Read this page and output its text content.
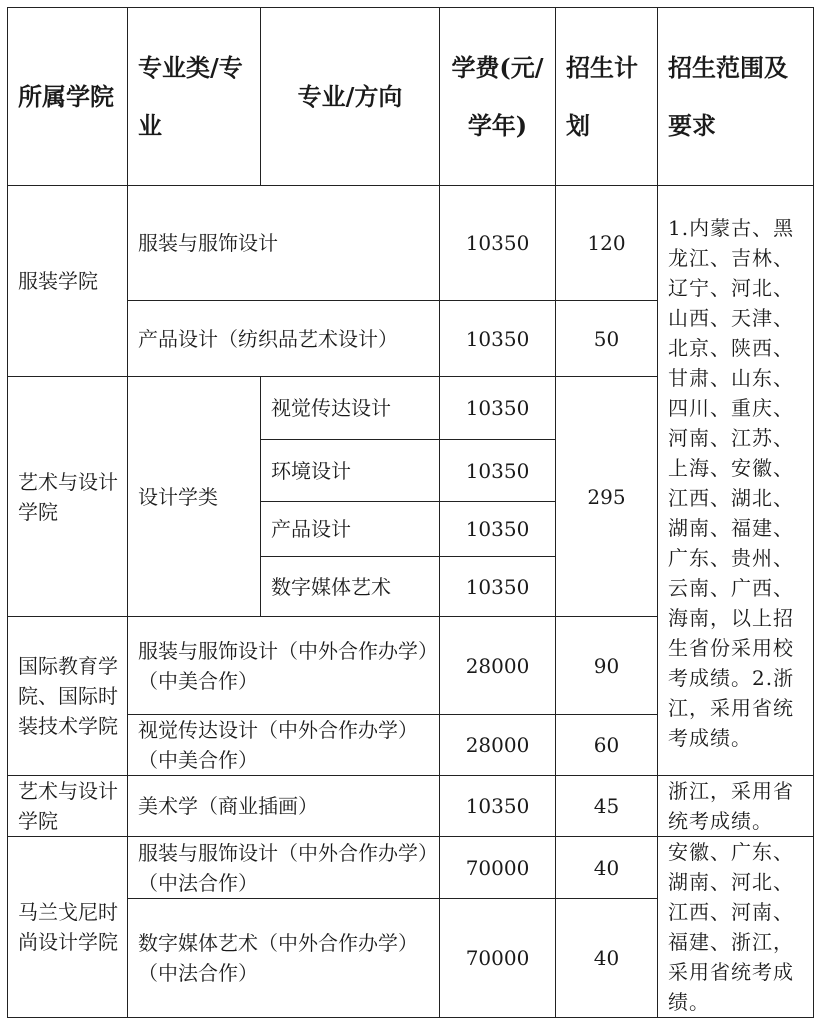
所属学院	专业类/专业	专业/方向	学费(元/学年)	招生计划	招生范围及要求
服装学院	服装与服饰设计		10350	120	1.内蒙古、黑龙江、吉林、辽宁、河北、山西、天津、北京、陕西、甘肃、山东、四川、重庆、河南、江苏、上海、安徽、江西、湖北、湖南、福建、广东、贵州、云南、广西、海南，以上招生省份采用校考成绩。2.浙江，采用省统考成绩。

	产品设计（纺织品艺术设计）		10350	50	
艺术与设计学院	设计学类	视觉传达设计	10350	295	
		环境设计	10350		
		产品设计	10350		
		数字媒体艺术	10350		
国际教育学院、国际时装技术学院	服装与服饰设计（中外合作办学）（中美合作）		28000	90	
	视觉传达设计（中外合作办学）（中美合作）		28000	60	
艺术与设计学院	美术学（商业插画）		10350	45	浙江，采用省统考成绩。

马兰戈尼时尚设计学院	服装与服饰设计（中外合作办学）（中法合作）		70000	40	安徽、广东、湖南、河北、江西、河南、福建、浙江，采用省统考成绩。

	数字媒体艺术（中外合作办学）（中法合作）		70000	40	
